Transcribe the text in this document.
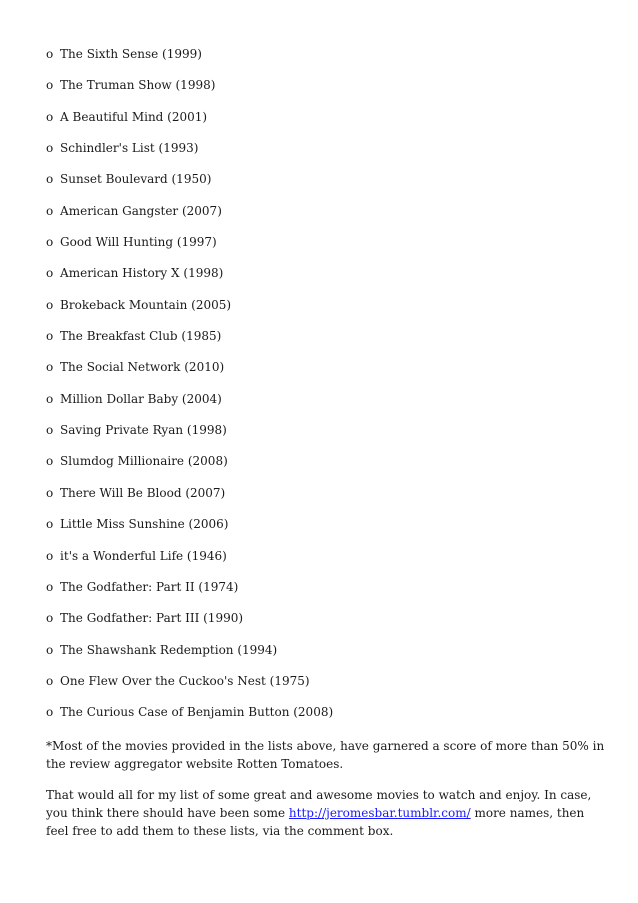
o The Sixth Sense (1999)
o The Truman Show (1998)
o A Beautiful Mind (2001)
o Schindler's List (1993)
o Sunset Boulevard (1950)
o American Gangster (2007)
o Good Will Hunting (1997)
o American History X (1998)
o Brokeback Mountain (2005)
o The Breakfast Club (1985)
o The Social Network (2010)
o Million Dollar Baby (2004)
o Saving Private Ryan (1998)
o Slumdog Millionaire (2008)
o There Will Be Blood (2007)
o Little Miss Sunshine (2006)
o it's a Wonderful Life (1946)
o The Godfather: Part II (1974)
o The Godfather: Part III (1990)
o The Shawshank Redemption (1994)
o One Flew Over the Cuckoo's Nest (1975)
o The Curious Case of Benjamin Button (2008)

*Most of the movies provided in the lists above, have garnered a score of more than 50% in the review aggregator website Rotten Tomatoes.

That would all for my list of some great and awesome movies to watch and enjoy. In case, you think there should have been some http://jeromesbar.tumblr.com/ more names, then feel free to add them to these lists, via the comment box.
